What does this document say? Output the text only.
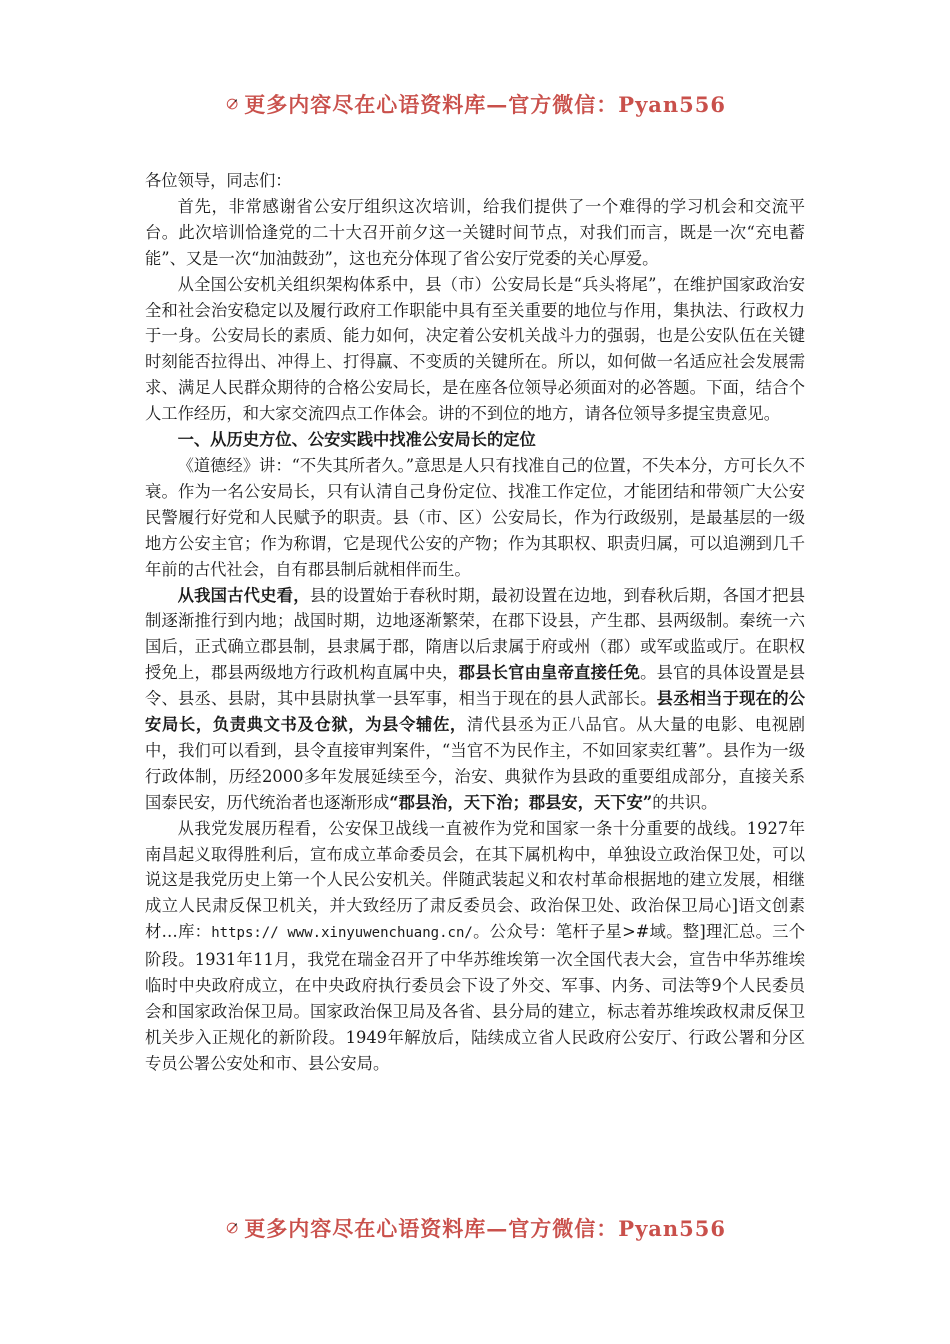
更多内容尽在心语资料库—官方微信：Pyan556

各位领导，同志们：

首先，非常感谢省公安厅组织这次培训，给我们提供了一个难得的学习机会和交流平台。此次培训恰逢党的二十大召开前夕这一关键时间节点，对我们而言，既是一次“充电蓄能”、又是一次“加油鼓劲”，这也充分体现了省公安厅党委的关心厚爱。

从全国公安机关组织架构体系中，县（市）公安局长是“兵头将尾”，在维护国家政治安全和社会治安稳定以及履行政府工作职能中具有至关重要的地位与作用，集执法、行政权力于一身。公安局长的素质、能力如何，决定着公安机关战斗力的强弱，也是公安队伍在关键时刻能否拉得出、冲得上、打得赢、不变质的关键所在。所以，如何做一名适应社会发展需求、满足人民群众期待的合格公安局长，是在座各位领导必须面对的必答题。下面，结合个人工作经历，和大家交流四点工作体会。讲的不到位的地方，请各位领导多提宝贵意见。

一、从历史方位、公安实践中找准公安局长的定位

《道德经》讲：“不失其所者久。”意思是人只有找准自己的位置，不失本分，方可长久不衰。作为一名公安局长，只有认清自己身份定位、找准工作定位，才能团结和带领广大公安民警履行好党和人民赋予的职责。县（市、区）公安局长，作为行政级别，是最基层的一级地方公安主官；作为称谓，它是现代公安的产物；作为其职权、职责归属，可以追溯到几千年前的古代社会，自有郡县制后就相伴而生。

从我国古代史看，县的设置始于春秋时期，最初设置在边地，到春秋后期，各国才把县制逐渐推行到内地；战国时期，边地逐渐繁荣，在郡下设县，产生郡、县两级制。秦统一六国后，正式确立郡县制，县隶属于郡，隋唐以后隶属于府或州（郡）或军或监或厅。在职权授免上，郡县两级地方行政机构直属中央，郡县长官由皇帝直接任免。县官的具体设置是县令、县丞、县尉，其中县尉执掌一县军事，相当于现在的县人武部长。县丞相当于现在的公安局长，负责典文书及仓狱，为县令辅佐，清代县丞为正八品官。从大量的电影、电视剧中，我们可以看到，县令直接审判案件，“当官不为民作主，不如回家卖红薯”。县作为一级行政体制，历经2000多年发展延续至今，治安、典狱作为县政的重要组成部分，直接关系国泰民安，历代统治者也逐渐形成“郡县治，天下治；郡县安，天下安”的共识。

从我党发展历程看，公安保卫战线一直被作为党和国家一条十分重要的战线。1927年南昌起义取得胜利后，宣布成立革命委员会，在其下属机构中，单独设立政治保卫处，可以说这是我党历史上第一个人民公安机关。伴随武装起义和农村革命根据地的建立发展，相继成立人民肃反保卫机关，并大致经历了肃反委员会、政治保卫处、政治保卫局心]语文创素材…库：https:// www.xinyuwenchuang.cn/。公众号：笔杆子星>#域。整]理汇总。三个阶段。1931年11月，我党在瑞金召开了中华苏维埃第一次全国代表大会，宣告中华苏维埃临时中央政府成立，在中央政府执行委员会下设了外交、军事、内务、司法等9个人民委员会和国家政治保卫局。国家政治保卫局及各省、县分局的建立，标志着苏维埃政权肃反保卫机关步入正规化的新阶段。1949年解放后，陆续成立省人民政府公安厅、行政公署和分区专员公署公安处和市、县公安局。

更多内容尽在心语资料库—官方微信：Pyan556
